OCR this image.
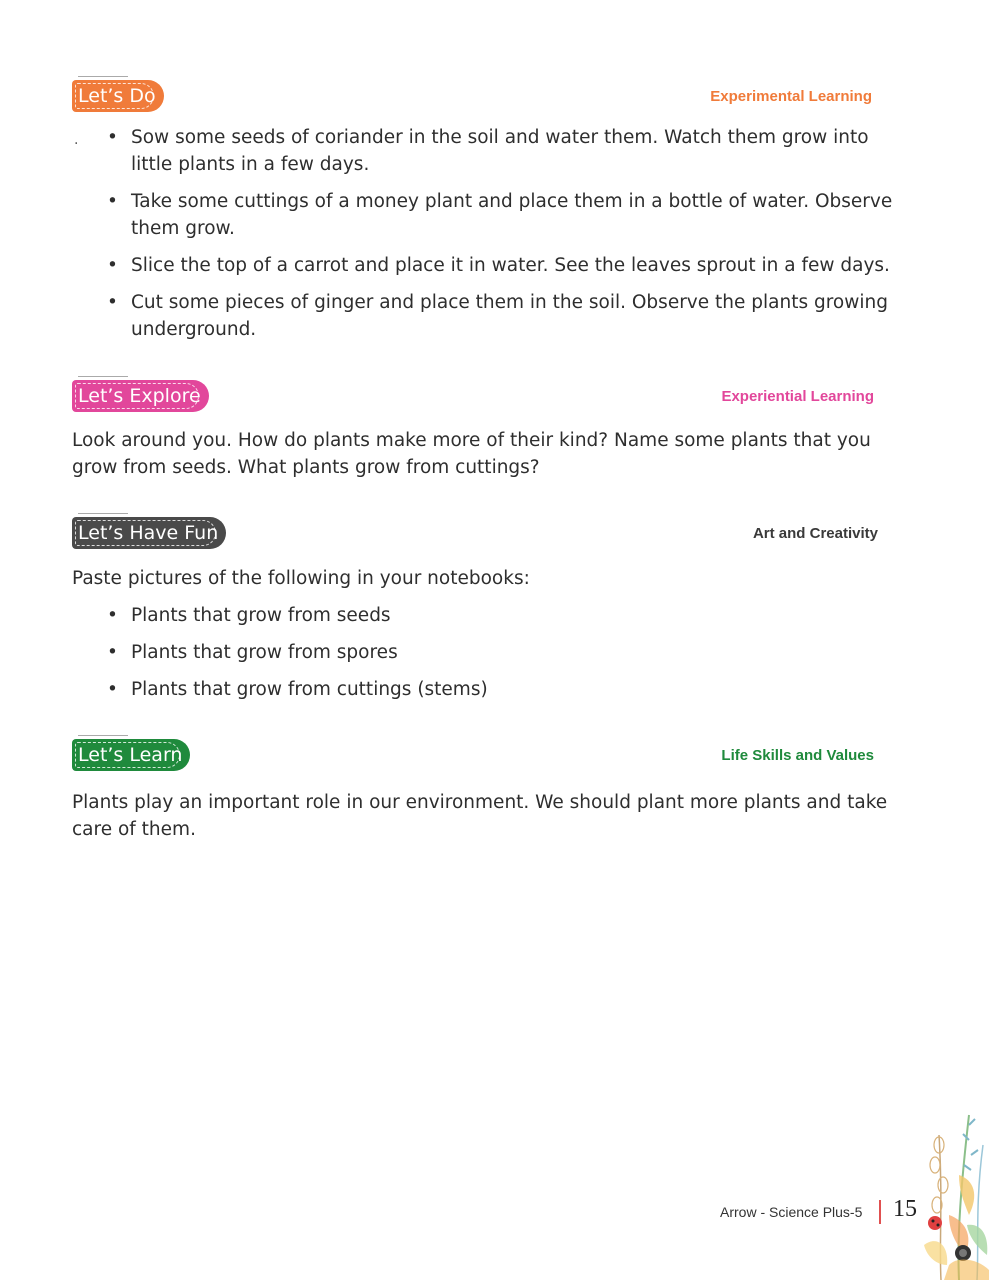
Let’s Do	Experimental Learning
. • Sow some seeds of coriander in the soil and water them. Watch them grow into little plants in a few days.
• Take some cuttings of a money plant and place them in a bottle of water. Observe them grow.
• Slice the top of a carrot and place it in water. See the leaves sprout in a few days.
• Cut some pieces of ginger and place them in the soil. Observe the plants growing underground.
Let’s Explore	Experiential Learning

Look around you. How do plants make more of their kind? Name some plants that you grow from seeds. What plants grow from cuttings?

Let’s Have Fun	Art and Creativity

Paste pictures of the following in your notebooks:

• Plants that grow from seeds
• Plants that grow from spores
• Plants that grow from cuttings (stems)
Let’s Learn	Life Skills and Values

Plants play an important role in our environment. We should plant more plants and take care of them.

Arrow - Science Plus-5 15
